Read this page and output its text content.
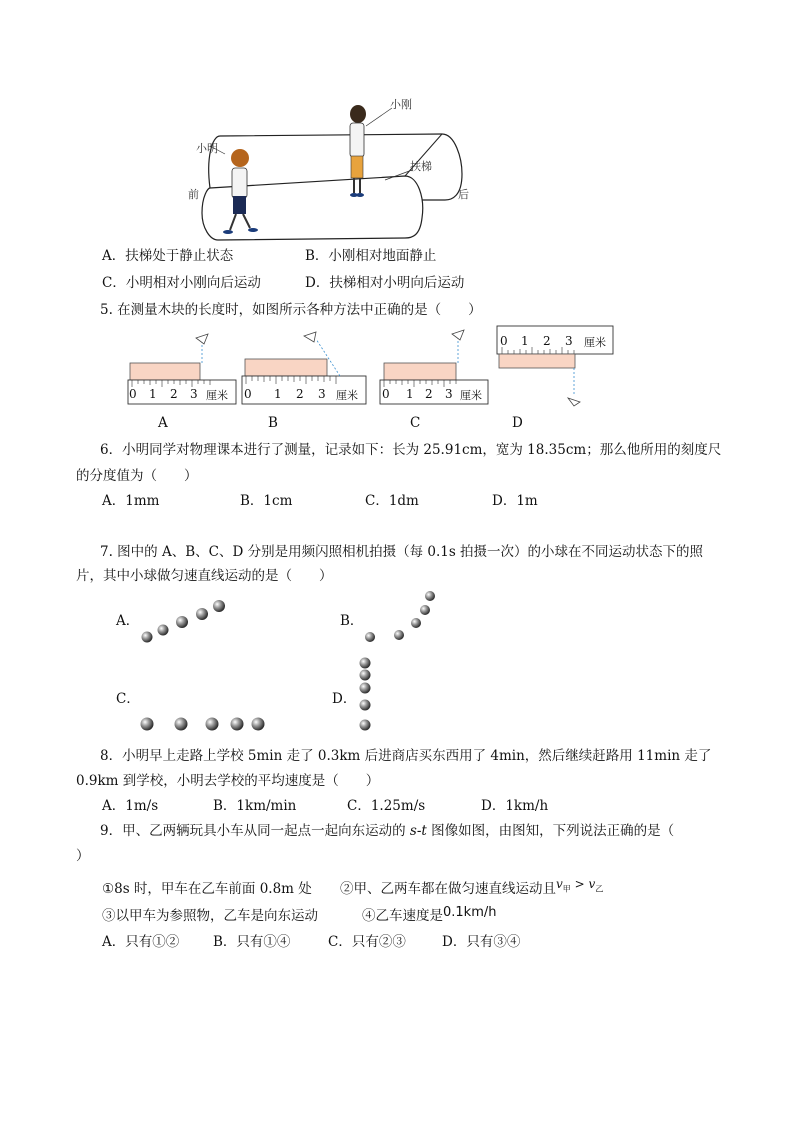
小刚
小明
扶梯
前	后
A．扶梯处于静止状态	B．小刚相对地面静止
C．小明相对小刚向后运动	D．扶梯相对小明向后运动
5. 在测量木块的长度时，如图所示各种方法中正确的是（　　）
0 1 2 3 厘米 0 1 2 3 厘米 0 1 2 3 厘米
0 1 2 3 厘米
A	B	C	D
6．小明同学对物理课本进行了测量，记录如下：长为 25.91cm，宽为 18.35cm；那么他所用的刻度尺
的分度值为（　　）
A．1mm	B．1cm	C．1dm	D．1m
7. 图中的 A、B、C、D 分别是用频闪照相机拍摄（每 0.1s 拍摄一次）的小球在不同运动状态下的照
片，其中小球做匀速直线运动的是（　　）
A．	B．
C．	D．
8．小明早上走路上学校 5min 走了 0.3km 后进商店买东西用了 4min，然后继续赶路用 11min 走了
0.9km 到学校，小明去学校的平均速度是（　　）
A．1m/s	B．1km/min	C．1.25m/s	D．1km/h
9．甲、乙两辆玩具小车从同一起点一起向东运动的 s-t 图像如图，由图知，下列说法正确的是（
）
①8s 时，甲车在乙车前面 0.8m 处 ②甲、乙两车都在做匀速直线运动且$v_甲 > v_乙$
③以甲车为参照物，乙车是向东运动	④乙车速度是0.1km/h
A．只有①②	B．只有①④	C．只有②③	D．只有③④
